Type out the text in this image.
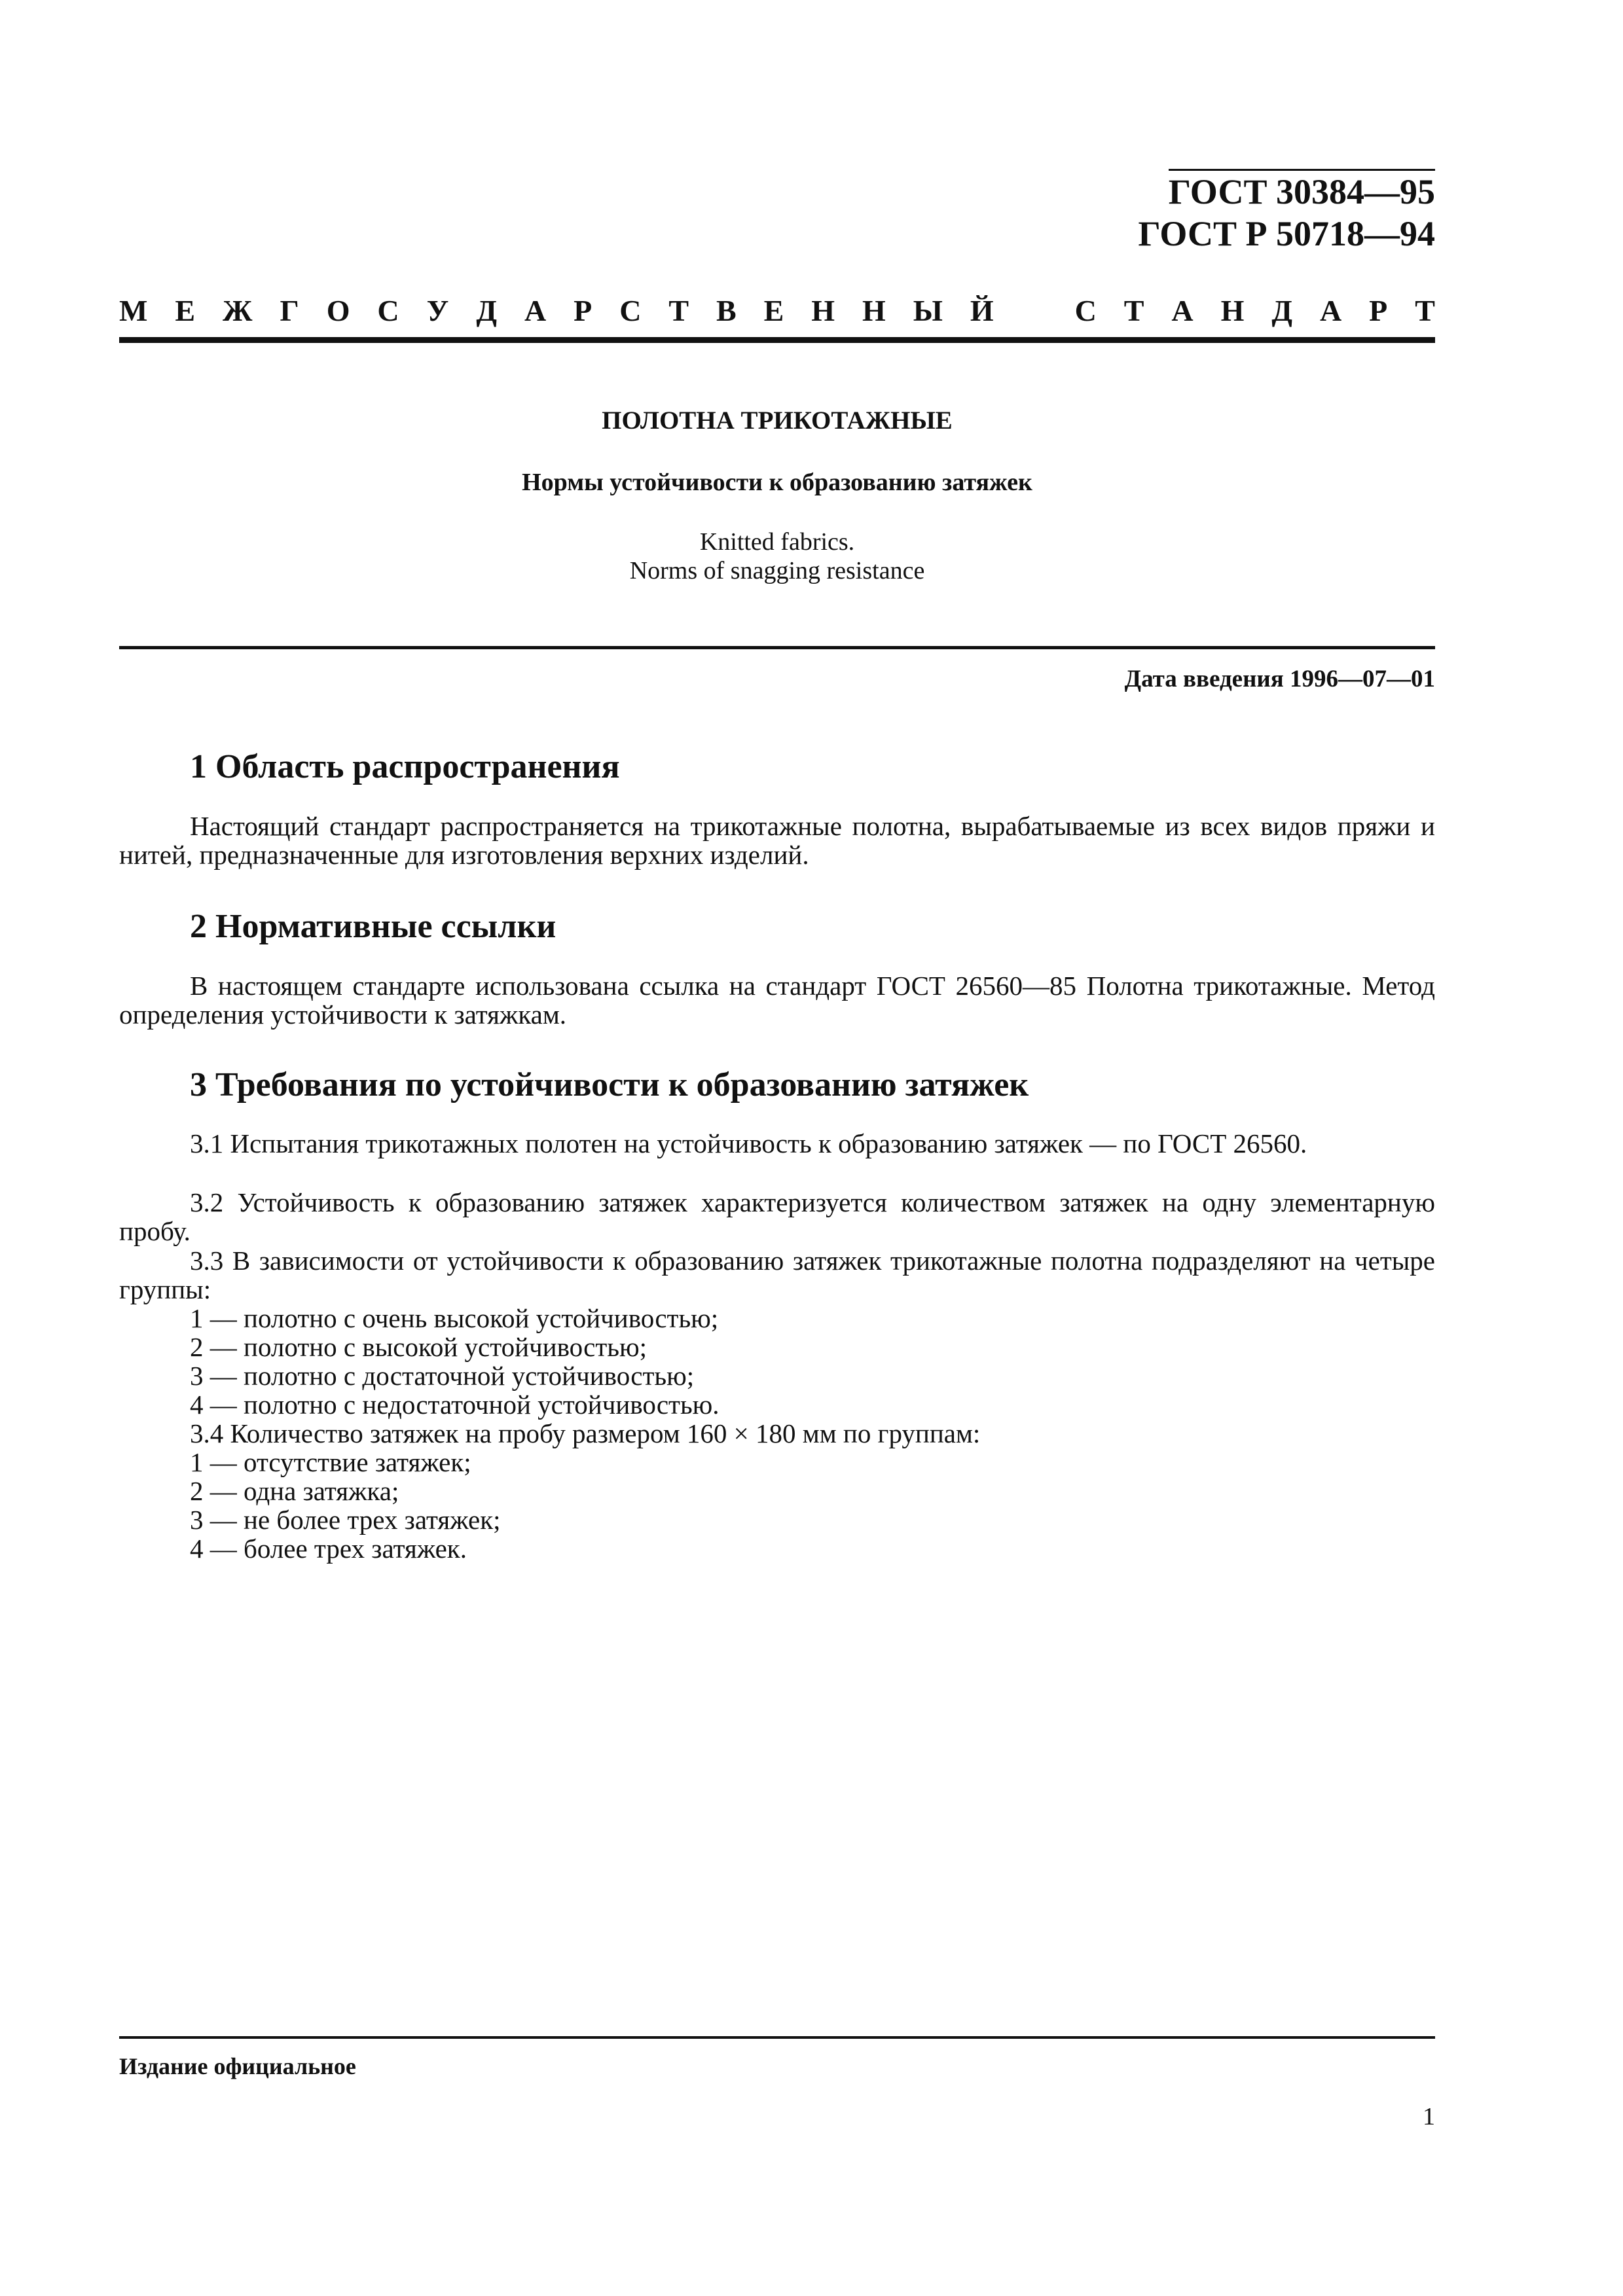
ГОСТ 30384—95
ГОСТ Р 50718—94
М Е Ж Г О С У Д А Р С Т В Е Н Н Ы Й	С Т А Н Д А Р Т
ПОЛОТНА ТРИКОТАЖНЫЕ
Нормы устойчивости к образованию затяжек
Knitted fabrics.
Norms of snagging resistance
Дата введения 1996—07—01
1 Область распространения
Настоящий стандарт распространяется на трикотажные полотна, вырабатываемые из всех видов пряжи и нитей, предназначенные для изготовления верхних изделий.
2 Нормативные ссылки
В настоящем стандарте использована ссылка на стандарт ГОСТ 26560—85 Полотна трикотажные. Метод определения устойчивости к затяжкам.
3 Требования по устойчивости к образованию затяжек
3.1 Испытания трикотажных полотен на устойчивость к образованию затяжек — по ГОСТ 26560.
3.2 Устойчивость к образованию затяжек характеризуется количеством затяжек на одну элементарную пробу.
3.3 В зависимости от устойчивости к образованию затяжек трикотажные полотна подразделяют на четыре группы:
1 — полотно с очень высокой устойчивостью;
2 — полотно с высокой устойчивостью;
3 — полотно с достаточной устойчивостью;
4 — полотно с недостаточной устойчивостью.
3.4 Количество затяжек на пробу размером 160 × 180 мм по группам:
1 — отсутствие затяжек;
2 — одна затяжка;
3 — не более трех затяжек;
4 — более трех затяжек.
Издание официальное
1
